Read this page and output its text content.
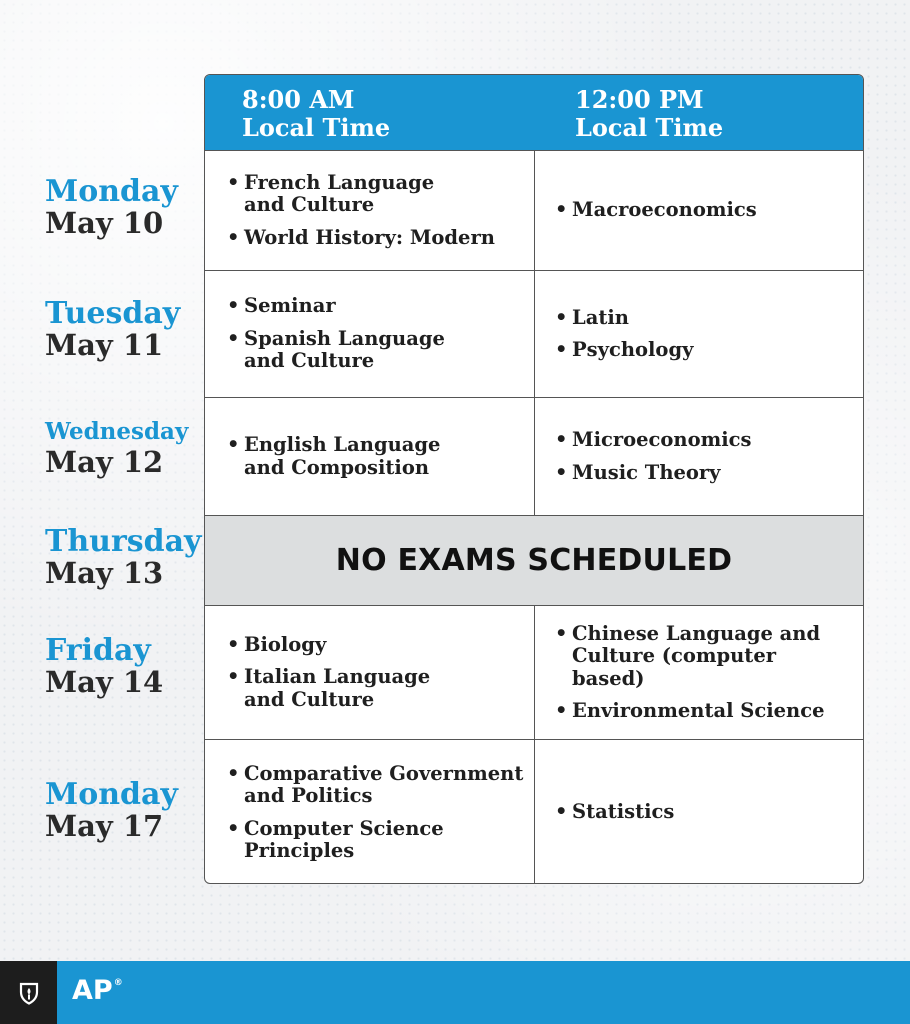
Monday
May 10
Tuesday
May 11
Wednesday
May 12
Thursday
May 13
Friday
May 14
Monday
May 17
8:00 AM
Local Time
12:00 PM
Local Time
• French Language
and Culture
• World History: Modern
• Macroeconomics
• Seminar
• Spanish Language
and Culture
• Latin
• Psychology
• English Language
and Composition
• Microeconomics
• Music Theory
NO EXAMS SCHEDULED
• Biology
• Italian Language
and Culture
• Chinese Language and
Culture (computer based)
• Environmental Science
• Comparative Government
and Politics
• Computer Science
Principles
• Statistics
AP®
